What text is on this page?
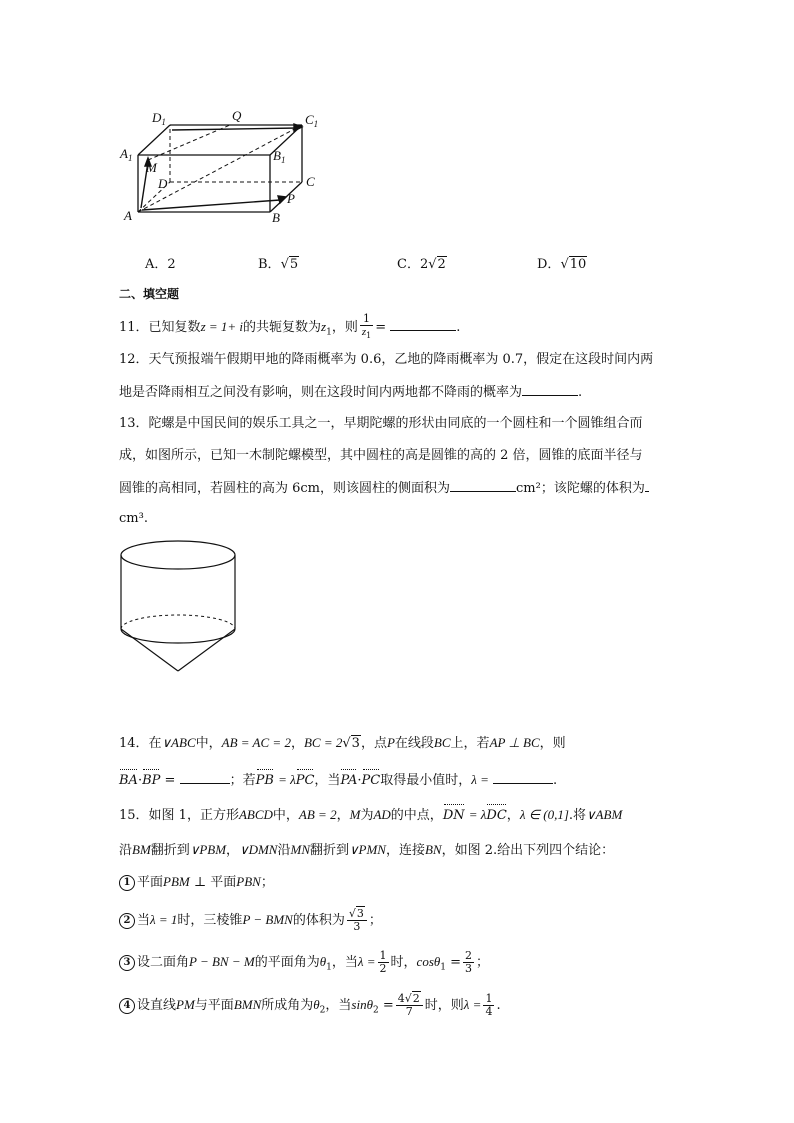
$D_1$	Q	$C_1$
$A_1$
M
$B_1$
D	C
P
A	B
A．2	B．√5	C．2√2	D．√10
二、填空题
11．已知复数z = 1+ i的共轭复数为$z_1$，则 $\frac{1}{z_1}$ =	.
12．天气预报端午假期甲地的降雨概率为 0.6，乙地的降雨概率为 0.7，假定在这段时间内两
地是否降雨相互之间没有影响，则在这段时间内两地都不降雨的概率为	.
13．陀螺是中国民间的娱乐工具之一，早期陀螺的形状由同底的一个圆柱和一个圆锥组合而
成，如图所示，已知一木制陀螺模型，其中圆柱的高是圆锥的高的 2 倍，圆锥的底面半径与
圆锥的高相同，若圆柱的高为 6cm，则该圆柱的侧面积为	cm²；该陀螺的体积为
cm³.
14．在∨ABC中，AB = AC = 2，BC = 2√3，点P在线段BC上，若AP ⊥ BC，则
BA·BP =	；若PB = λPC，当PA·PC取得最小值时，λ =	.
15．如图 1，正方形ABCD中，AB = 2，M为AD的中点，DN = λDC，λ ∈ (0,1].将∨ABM
沿BM翻折到∨PBM，∨DMN沿MN翻折到∨PMN，连接BN，如图 2.给出下列四个结论：
1 平面PBM ⊥ 平面PBN；
2 当λ = 1时，三棱锥P − BMN的体积为 $\frac{√3}{3}$ ；
3 设二面角P − BN − M的平面角为$\theta_1$，当$\lambda = \frac{1}{2}$ 时，$\cos\theta_1 = \frac{2}{3}$ ；
4 设直线PM与平面BMN所成角为$\theta_2$，当$\sin\theta_2 = \frac{4√2}{7}$ 时，则$\lambda = \frac{1}{4}$ .
